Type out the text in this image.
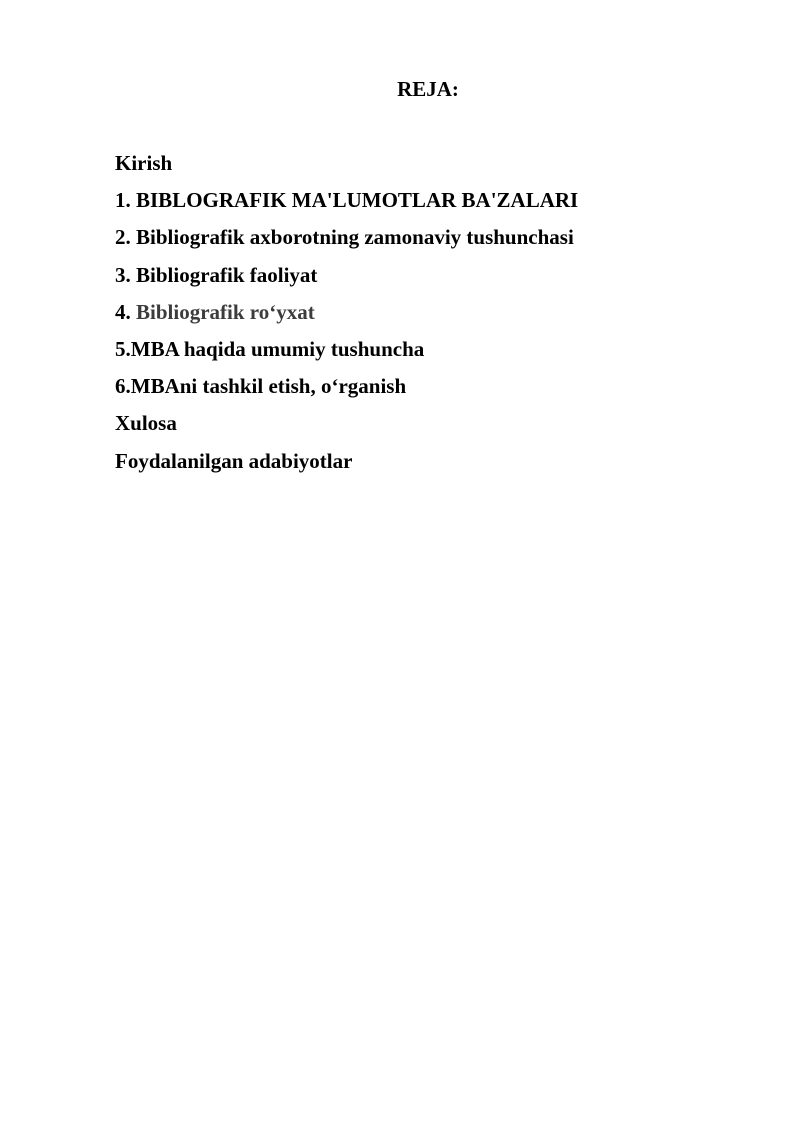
REJA:
Kirish
1. BIBLOGRAFIK MA'LUMOTLAR BA'ZALARI
2. Bibliografik axborotning zamonaviy tushunchasi
3. Bibliografik faoliyat
4. Bibliografik ro‘yxat
5.MBA haqida umumiy tushuncha
6.MBAni tashkil etish, o‘rganish
Xulosa
Foydalanilgan adabiyotlar
